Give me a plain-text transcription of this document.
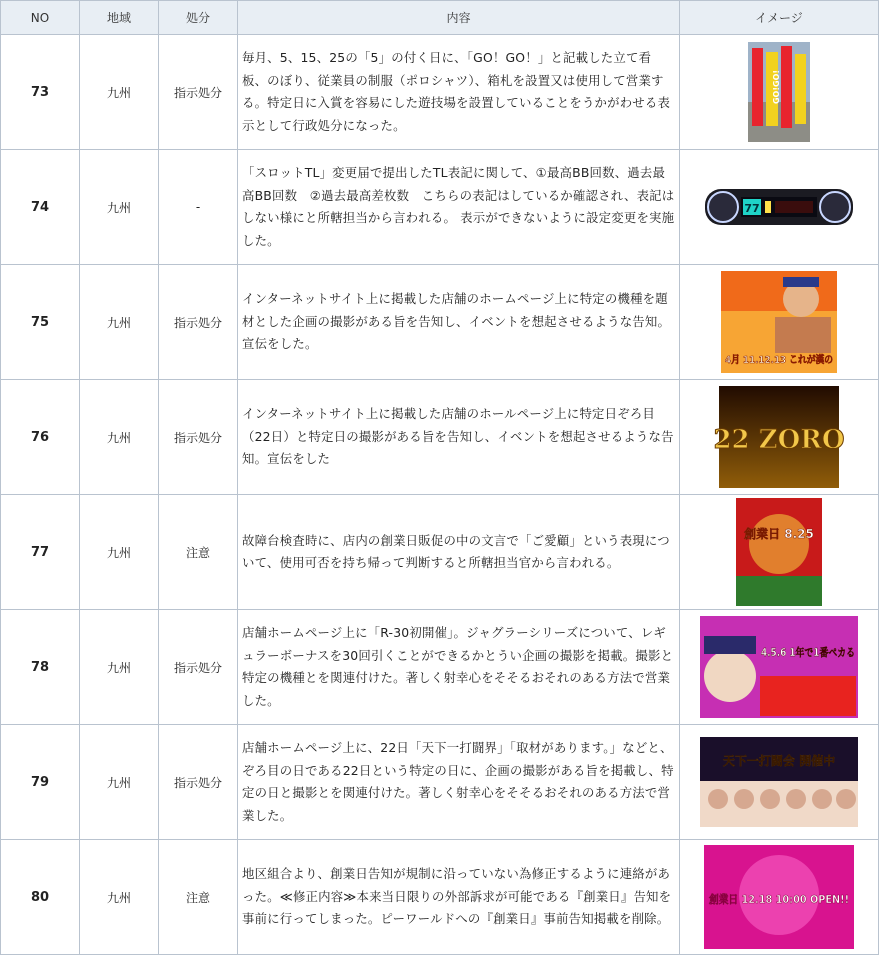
NO	地域	処分	内容	イメージ
73	九州	指示処分	毎月、5、15、25の「5」の付く日に、「GO！GO！」と記載した立て看板、のぼり、従業員の制服（ポロシャツ）、箱札を設置又は使用して営業する。特定日に入賞を容易にした遊技場を設置していることをうかがわせる表示として行政処分になった。	GO!GO!

74	九州	-	「スロットTL」変更届で提出したTL表記に関して、①最高BB回数、過去最高BB回数　②過去最高差枚数　こちらの表記はしているか確認され、表記はしない様にと所轄担当から言われる。 表示ができないように設定変更を実施した。	77

75	九州	指示処分	インターネットサイト上に掲載した店舗のホームページ上に特定の機種を題材とした企画の撮影がある旨を告知し、イベントを想起させるような告知。宣伝をした。	4月 11.12.13 これが漢の

76	九州	指示処分	インターネットサイト上に掲載した店舗のホールページ上に特定日ぞろ目（22日）と特定日の撮影がある旨を告知し、イベントを想起させるような告知。宣伝をした	22 ZORO

77	九州	注意	故障台検査時に、店内の創業日販促の中の文言で「ご愛顧」という表現について、使用可否を持ち帰って判断すると所轄担当官から言われる。	創業日 8.25

78	九州	指示処分	店舗ホームページ上に「R-30初開催」。ジャグラーシリーズについて、レギュラーボーナスを30回引くことができるかとうい企画の撮影を掲載。撮影と特定の機種とを関連付けた。著しく射幸心をそそるおそれのある方法で営業した。	4.5.6 1年で1番ペカる

79	九州	指示処分	店舗ホームページ上に、22日「天下一打闘界」「取材があります。」などと、ぞろ目の日である22日という特定の日に、企画の撮影がある旨を掲載し、特定の日と撮影とを関連付けた。著しく射幸心をそそるおそれのある方法で営業した。	天下一打闘会 開催中

80	九州	注意	地区組合より、創業日告知が規制に沿っていない為修正するように連絡があった。≪修正内容≫本来当日限りの外部訴求が可能である『創業日』告知を事前に行ってしまった。ピーワールドへの『創業日』事前告知掲載を削除。	創業日 12.18 10:00 OPEN!!
